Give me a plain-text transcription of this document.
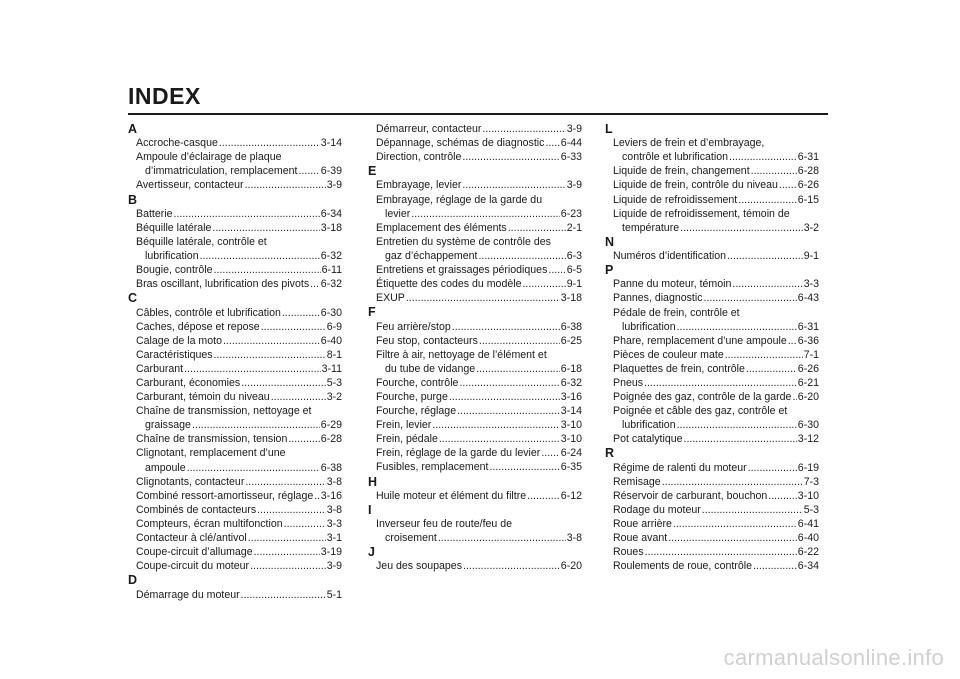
INDEX
A
Accroche-casque .....	3-14
Ampoule d’éclairage de plaque
d’immatriculation, remplacement ..... 6-39
Avertisseur, contacteur .....	3-9
B
Batterie .....	6-34
Béquille latérale .....	3-18
Béquille latérale, contrôle et
lubrification .....	6-32
Bougie, contrôle .....	6-11
Bras oscillant, lubrification des pivots ..... 6-32
C
Câbles, contrôle et lubrification .....	6-30
Caches, dépose et repose .....	6-9
Calage de la moto .....	6-40
Caractéristiques .....	8-1
Carburant .....	3-11
Carburant, économies .....	5-3
Carburant, témoin du niveau .....	3-2
Chaîne de transmission, nettoyage et
graissage .....	6-29
Chaîne de transmission, tension .....	6-28
Clignotant, remplacement d’une
ampoule .....	6-38
Clignotants, contacteur .....	3-8
Combiné ressort-amortisseur, réglage ..... 3-16
Combinés de contacteurs .....	3-8
Compteurs, écran multifonction .....	3-3
Contacteur à clé/antivol .....	3-1
Coupe-circuit d’allumage .....	3-19
Coupe-circuit du moteur .....	3-9
D
Démarrage du moteur .....	5-1
Démarreur, contacteur .....	3-9
Dépannage, schémas de diagnostic ..... 6-44
Direction, contrôle .....	6-33
E
Embrayage, levier .....	3-9
Embrayage, réglage de la garde du
levier .....	6-23
Emplacement des éléments .....	2-1
Entretien du système de contrôle des
gaz d’échappement .....	6-3
Entretiens et graissages périodiques ..... 6-5
Étiquette des codes du modèle .....	9-1
EXUP .....	3-18
F
Feu arrière/stop .....	6-38
Feu stop, contacteurs .....	6-25
Filtre à air, nettoyage de l’élément et
du tube de vidange .....	6-18
Fourche, contrôle .....	6-32
Fourche, purge .....	3-16
Fourche, réglage .....	3-14
Frein, levier .....	3-10
Frein, pédale .....	3-10
Frein, réglage de la garde du levier ..... 6-24
Fusibles, remplacement .....	6-35
H
Huile moteur et élément du filtre .....	6-12
I
Inverseur feu de route/feu de
croisement .....	3-8
J
Jeu des soupapes .....	6-20
L
Leviers de frein et d’embrayage,
contrôle et lubrification .....	6-31
Liquide de frein, changement .....	6-28
Liquide de frein, contrôle du niveau ..... 6-26
Liquide de refroidissement .....	6-15
Liquide de refroidissement, témoin de
température .....	3-2
N
Numéros d’identification .....	9-1
P
Panne du moteur, témoin .....	3-3
Pannes, diagnostic .....	6-43
Pédale de frein, contrôle et
lubrification .....	6-31
Phare, remplacement d’une ampoule ..... 6-36
Pièces de couleur mate .....	7-1
Plaquettes de frein, contrôle .....	6-26
Pneus .....	6-21
Poignée des gaz, contrôle de la garde ..... 6-20
Poignée et câble des gaz, contrôle et
lubrification .....	6-30
Pot catalytique .....	3-12
R
Régime de ralenti du moteur .....	6-19
Remisage .....	7-3
Réservoir de carburant, bouchon .....	3-10
Rodage du moteur .....	5-3
Roue arrière .....	6-41
Roue avant .....	6-40
Roues .....	6-22
Roulements de roue, contrôle .....	6-34
carmanualsonline.info
